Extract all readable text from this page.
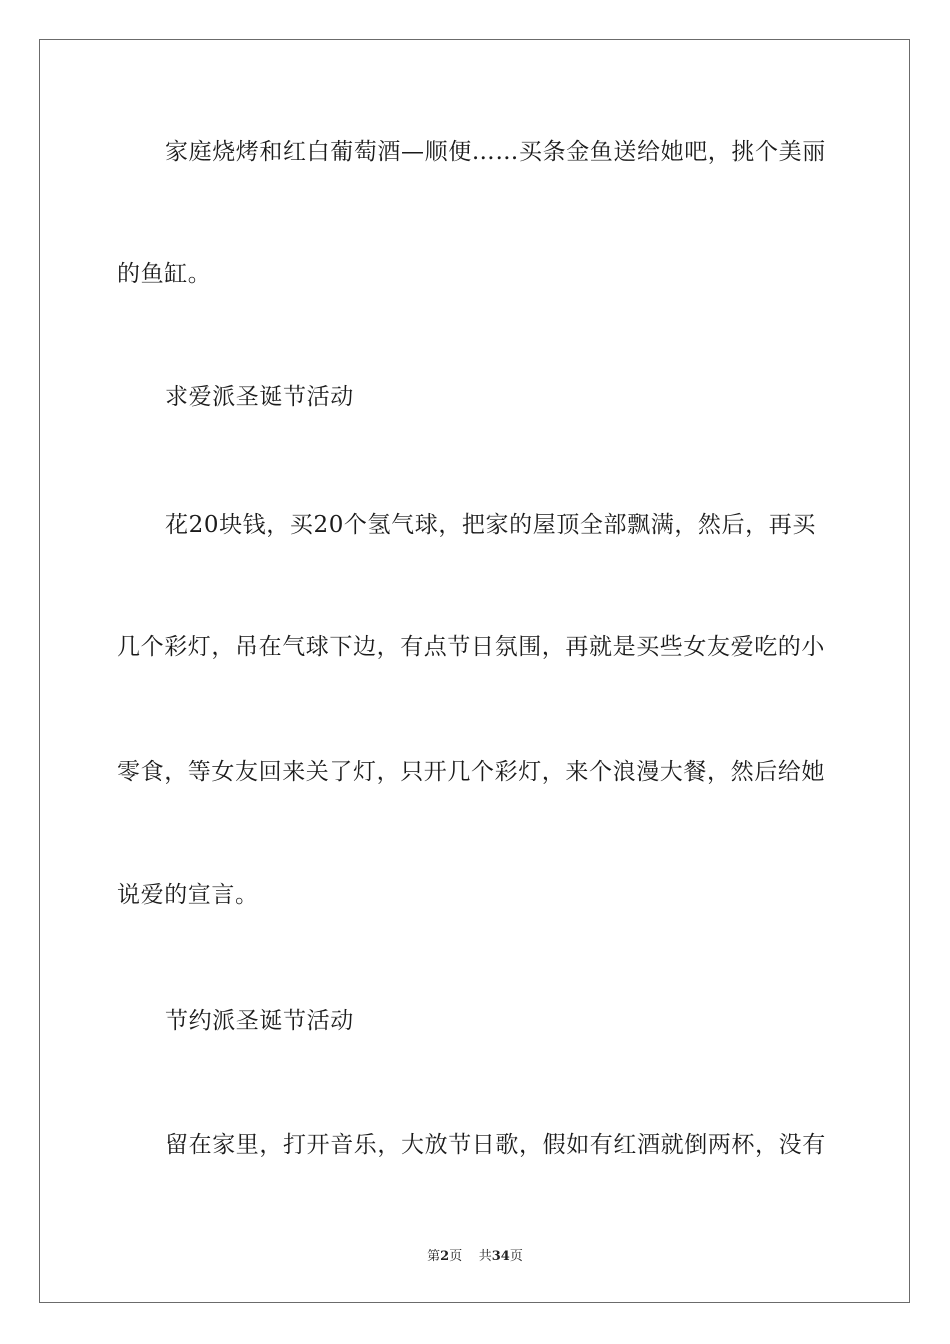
家庭烧烤和红白葡萄酒—顺便……买条金鱼送给她吧，挑个美丽
的鱼缸。
求爱派圣诞节活动
花20块钱，买20个氢气球，把家的屋顶全部飘满，然后，再买
几个彩灯，吊在气球下边，有点节日氛围，再就是买些女友爱吃的小
零食，等女友回来关了灯，只开几个彩灯，来个浪漫大餐，然后给她
说爱的宣言。
节约派圣诞节活动
留在家里，打开音乐，大放节日歌，假如有红酒就倒两杯，没有
第2页 共34页
